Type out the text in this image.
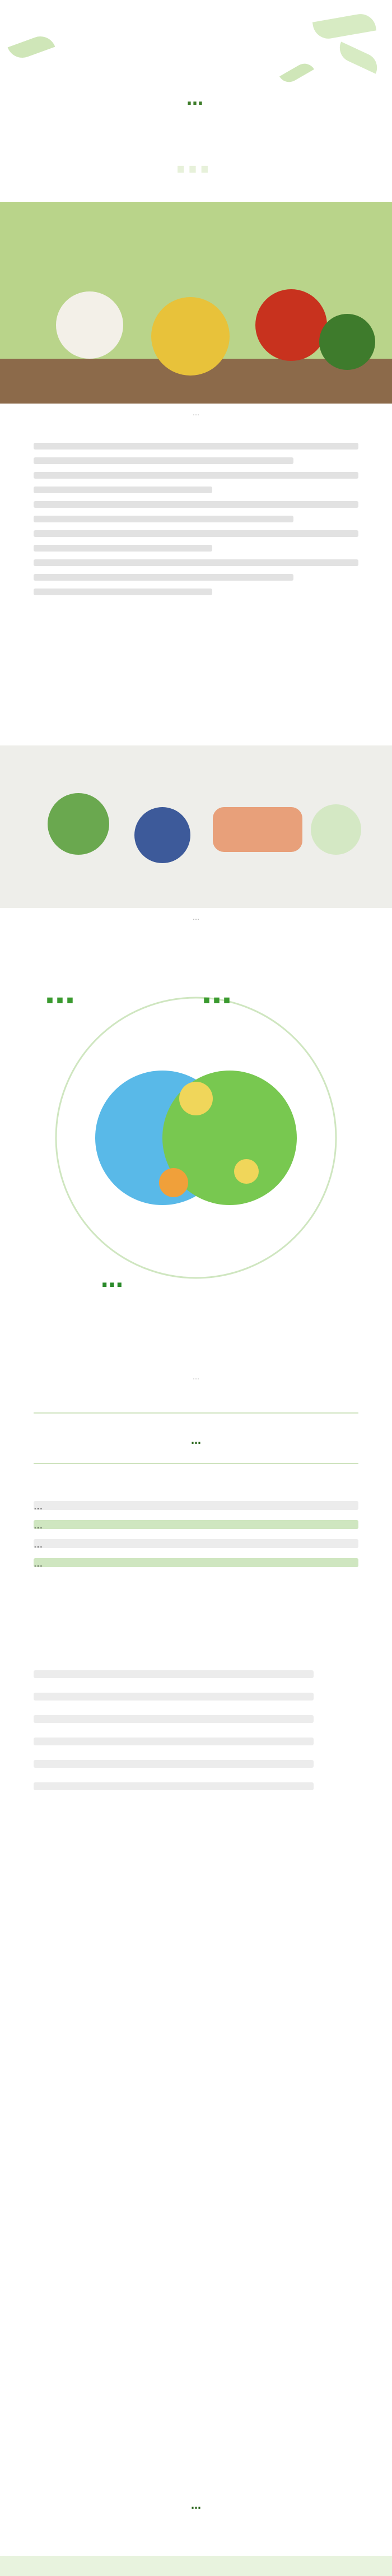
…
…
…
…
…	…
…
…
…
…
…
…
…
…
